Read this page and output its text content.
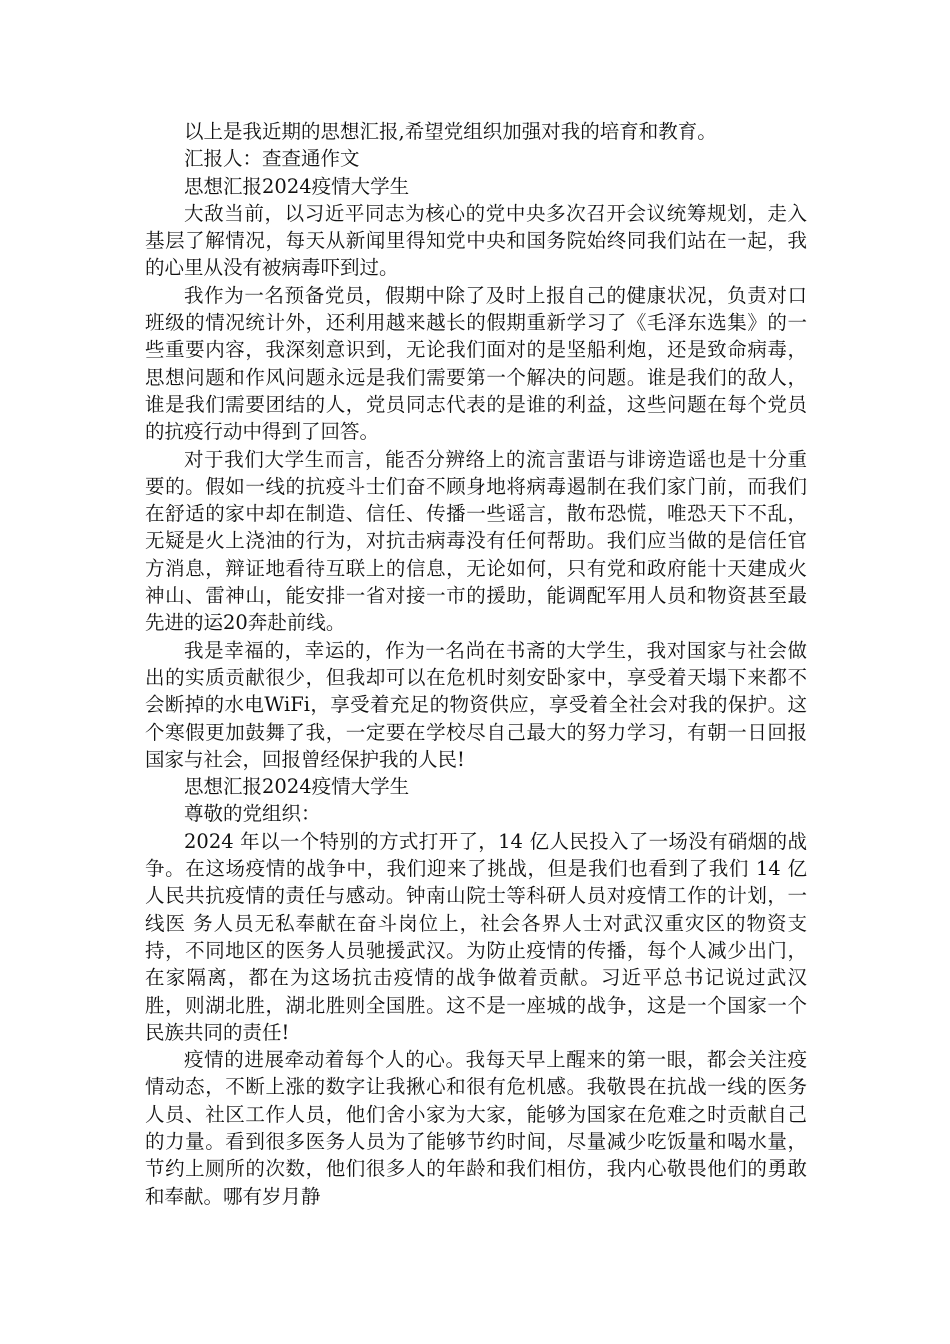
以上是我近期的思想汇报,希望党组织加强对我的培育和教育。

汇报人：查查通作文

思想汇报2024疫情大学生

大敌当前，以习近平同志为核心的党中央多次召开会议统筹规划，走入基层了解情况，每天从新闻里得知党中央和国务院始终同我们站在一起，我的心里从没有被病毒吓到过。

我作为一名预备党员，假期中除了及时上报自己的健康状况，负责对口班级的情况统计外，还利用越来越长的假期重新学习了《毛泽东选集》的一些重要内容，我深刻意识到，无论我们面对的是坚船利炮，还是致命病毒，思想问题和作风问题永远是我们需要第一个解决的问题。谁是我们的敌人，谁是我们需要团结的人，党员同志代表的是谁的利益，这些问题在每个党员的抗疫行动中得到了回答。

对于我们大学生而言，能否分辨络上的流言蜚语与诽谤造谣也是十分重要的。假如一线的抗疫斗士们奋不顾身地将病毒遏制在我们家门前，而我们在舒适的家中却在制造、信任、传播一些谣言，散布恐慌，唯恐天下不乱，无疑是火上浇油的行为，对抗击病毒没有任何帮助。我们应当做的是信任官方消息，辩证地看待互联上的信息，无论如何，只有党和政府能十天建成火神山、雷神山，能安排一省对接一市的援助，能调配军用人员和物资甚至最先进的运20奔赴前线。

我是幸福的，幸运的，作为一名尚在书斋的大学生，我对国家与社会做出的实质贡献很少，但我却可以在危机时刻安卧家中，享受着天塌下来都不会断掉的水电WiFi，享受着充足的物资供应，享受着全社会对我的保护。这个寒假更加鼓舞了我，一定要在学校尽自己最大的努力学习，有朝一日回报国家与社会，回报曾经保护我的人民!

思想汇报2024疫情大学生

尊敬的党组织：

2024 年以一个特别的方式打开了，14 亿人民投入了一场没有硝烟的战争。在这场疫情的战争中，我们迎来了挑战，但是我们也看到了我们 14 亿 人民共抗疫情的责任与感动。钟南山院士等科研人员对疫情工作的计划，一线医 务人员无私奉献在奋斗岗位上，社会各界人士对武汉重灾区的物资支持，不同地区的医务人员驰援武汉。为防止疫情的传播，每个人减少出门，在家隔离，都在为这场抗击疫情的战争做着贡献。习近平总书记说过武汉胜，则湖北胜，湖北胜则全国胜。这不是一座城的战争，这是一个国家一个民族共同的责任!

疫情的进展牵动着每个人的心。我每天早上醒来的第一眼，都会关注疫情动态，不断上涨的数字让我揪心和很有危机感。我敬畏在抗战一线的医务人员、社区工作人员，他们舍小家为大家，能够为国家在危难之时贡献自己的力量。看到很多医务人员为了能够节约时间，尽量减少吃饭量和喝水量，节约上厕所的次数，他们很多人的年龄和我们相仿，我内心敬畏他们的勇敢和奉献。哪有岁月静
